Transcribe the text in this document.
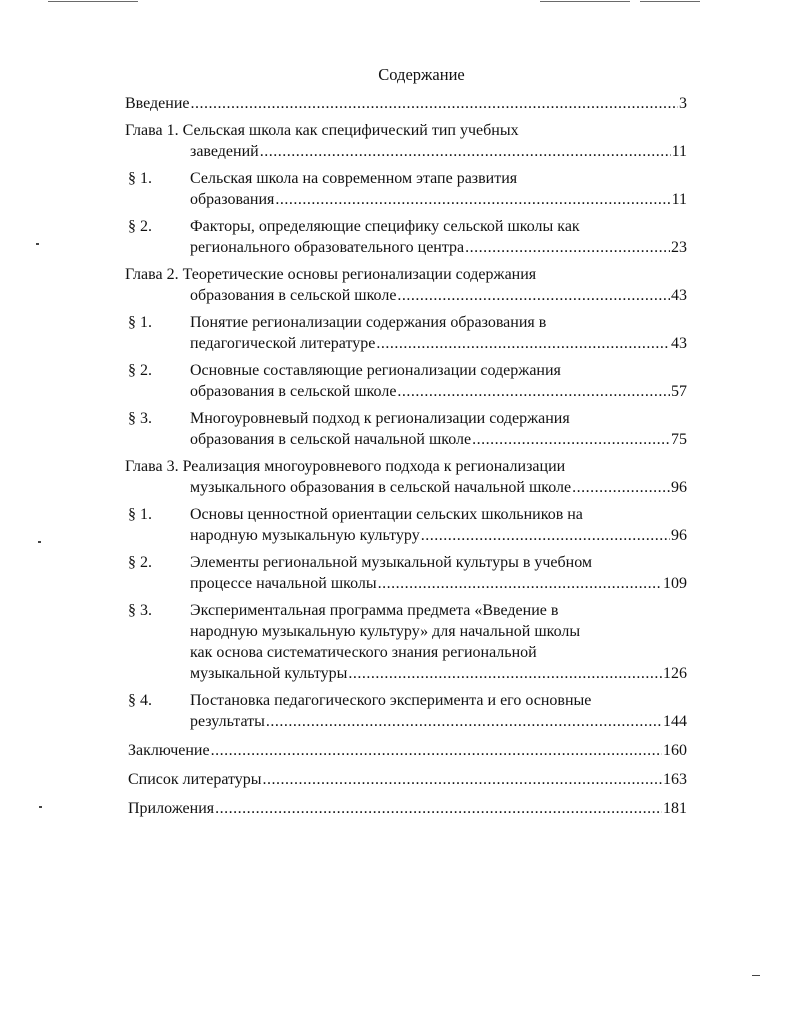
Содержание
Введение .....	3
Глава 1. Сельская школа как специфический тип учебных
заведений .....	11
§ 1. Сельская школа на современном этапе развития
образования .....	11
§ 2. Факторы, определяющие специфику сельской школы как
регионального образовательного центра .....	23
Глава 2. Теоретические основы регионализации содержания
образования в сельской школе .....	43
§ 1. Понятие регионализации содержания образования в
педагогической литературе .....	43
§ 2. Основные составляющие регионализации содержания
образования в сельской школе .....	57
§ 3. Многоуровневый подход к регионализации содержания
образования в сельской начальной школе .....	75
Глава 3. Реализация многоуровневого подхода к регионализации
музыкального образования в сельской начальной школе .....	96
§ 1. Основы ценностной ориентации сельских школьников на
народную музыкальную культуру .....	96
§ 2. Элементы региональной музыкальной культуры в учебном
процессе начальной школы .....	109
§ 3. Экспериментальная программа предмета «Введение в
народную музыкальную культуру» для начальной школы
как основа систематического знания региональной
музыкальной культуры .....	126
§ 4. Постановка педагогического эксперимента и его основные
результаты .....	144
Заключение .....	160
Список литературы .....	163
Приложения .....	181
